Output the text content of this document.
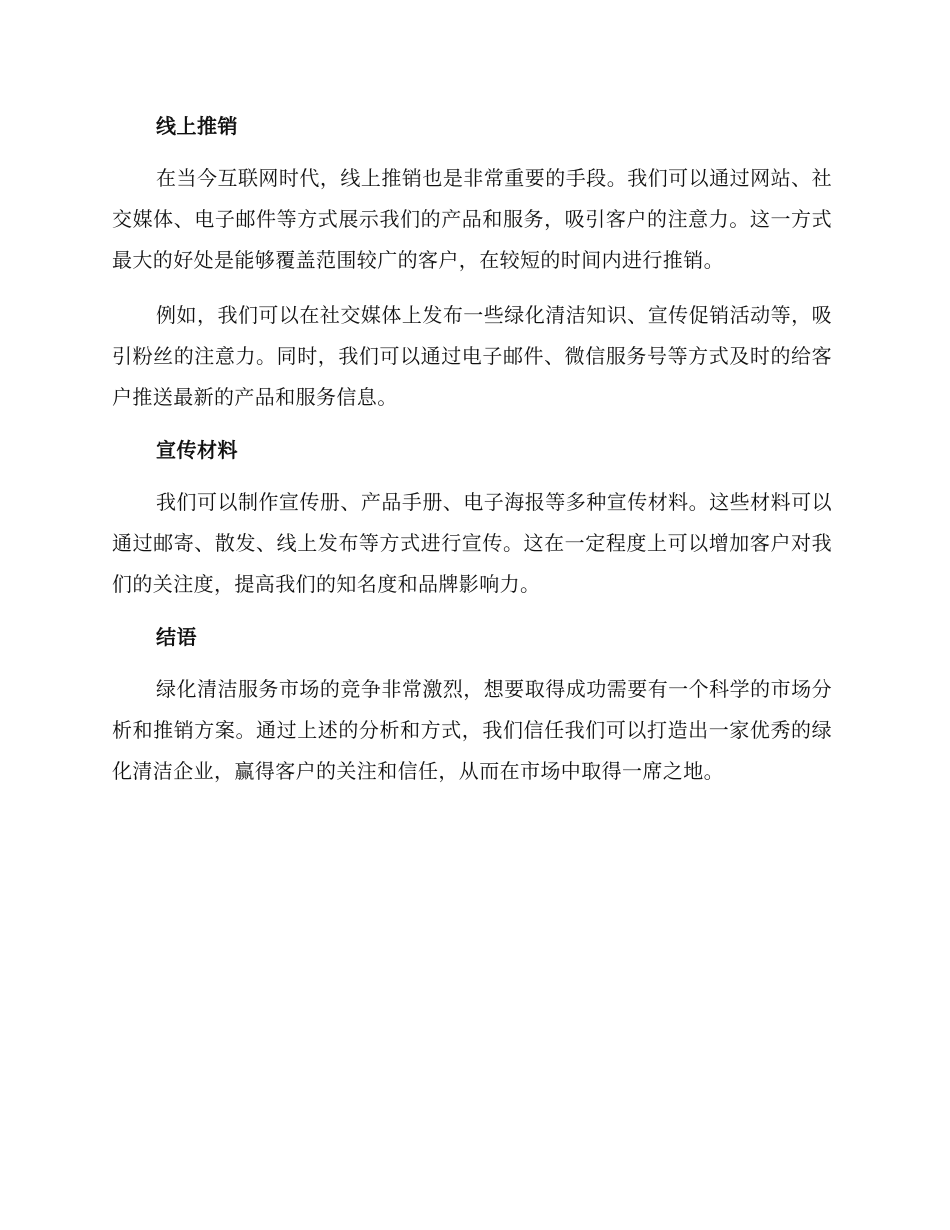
线上推销

在当今互联网时代，线上推销也是非常重要的手段。我们可以通过网站、社交媒体、电子邮件等方式展示我们的产品和服务，吸引客户的注意力。这一方式最大的好处是能够覆盖范围较广的客户，在较短的时间内进行推销。

例如，我们可以在社交媒体上发布一些绿化清洁知识、宣传促销活动等，吸引粉丝的注意力。同时，我们可以通过电子邮件、微信服务号等方式及时的给客户推送最新的产品和服务信息。

宣传材料

我们可以制作宣传册、产品手册、电子海报等多种宣传材料。这些材料可以通过邮寄、散发、线上发布等方式进行宣传。这在一定程度上可以增加客户对我们的关注度，提高我们的知名度和品牌影响力。

结语

绿化清洁服务市场的竞争非常激烈，想要取得成功需要有一个科学的市场分析和推销方案。通过上述的分析和方式，我们信任我们可以打造出一家优秀的绿化清洁企业，赢得客户的关注和信任，从而在市场中取得一席之地。
